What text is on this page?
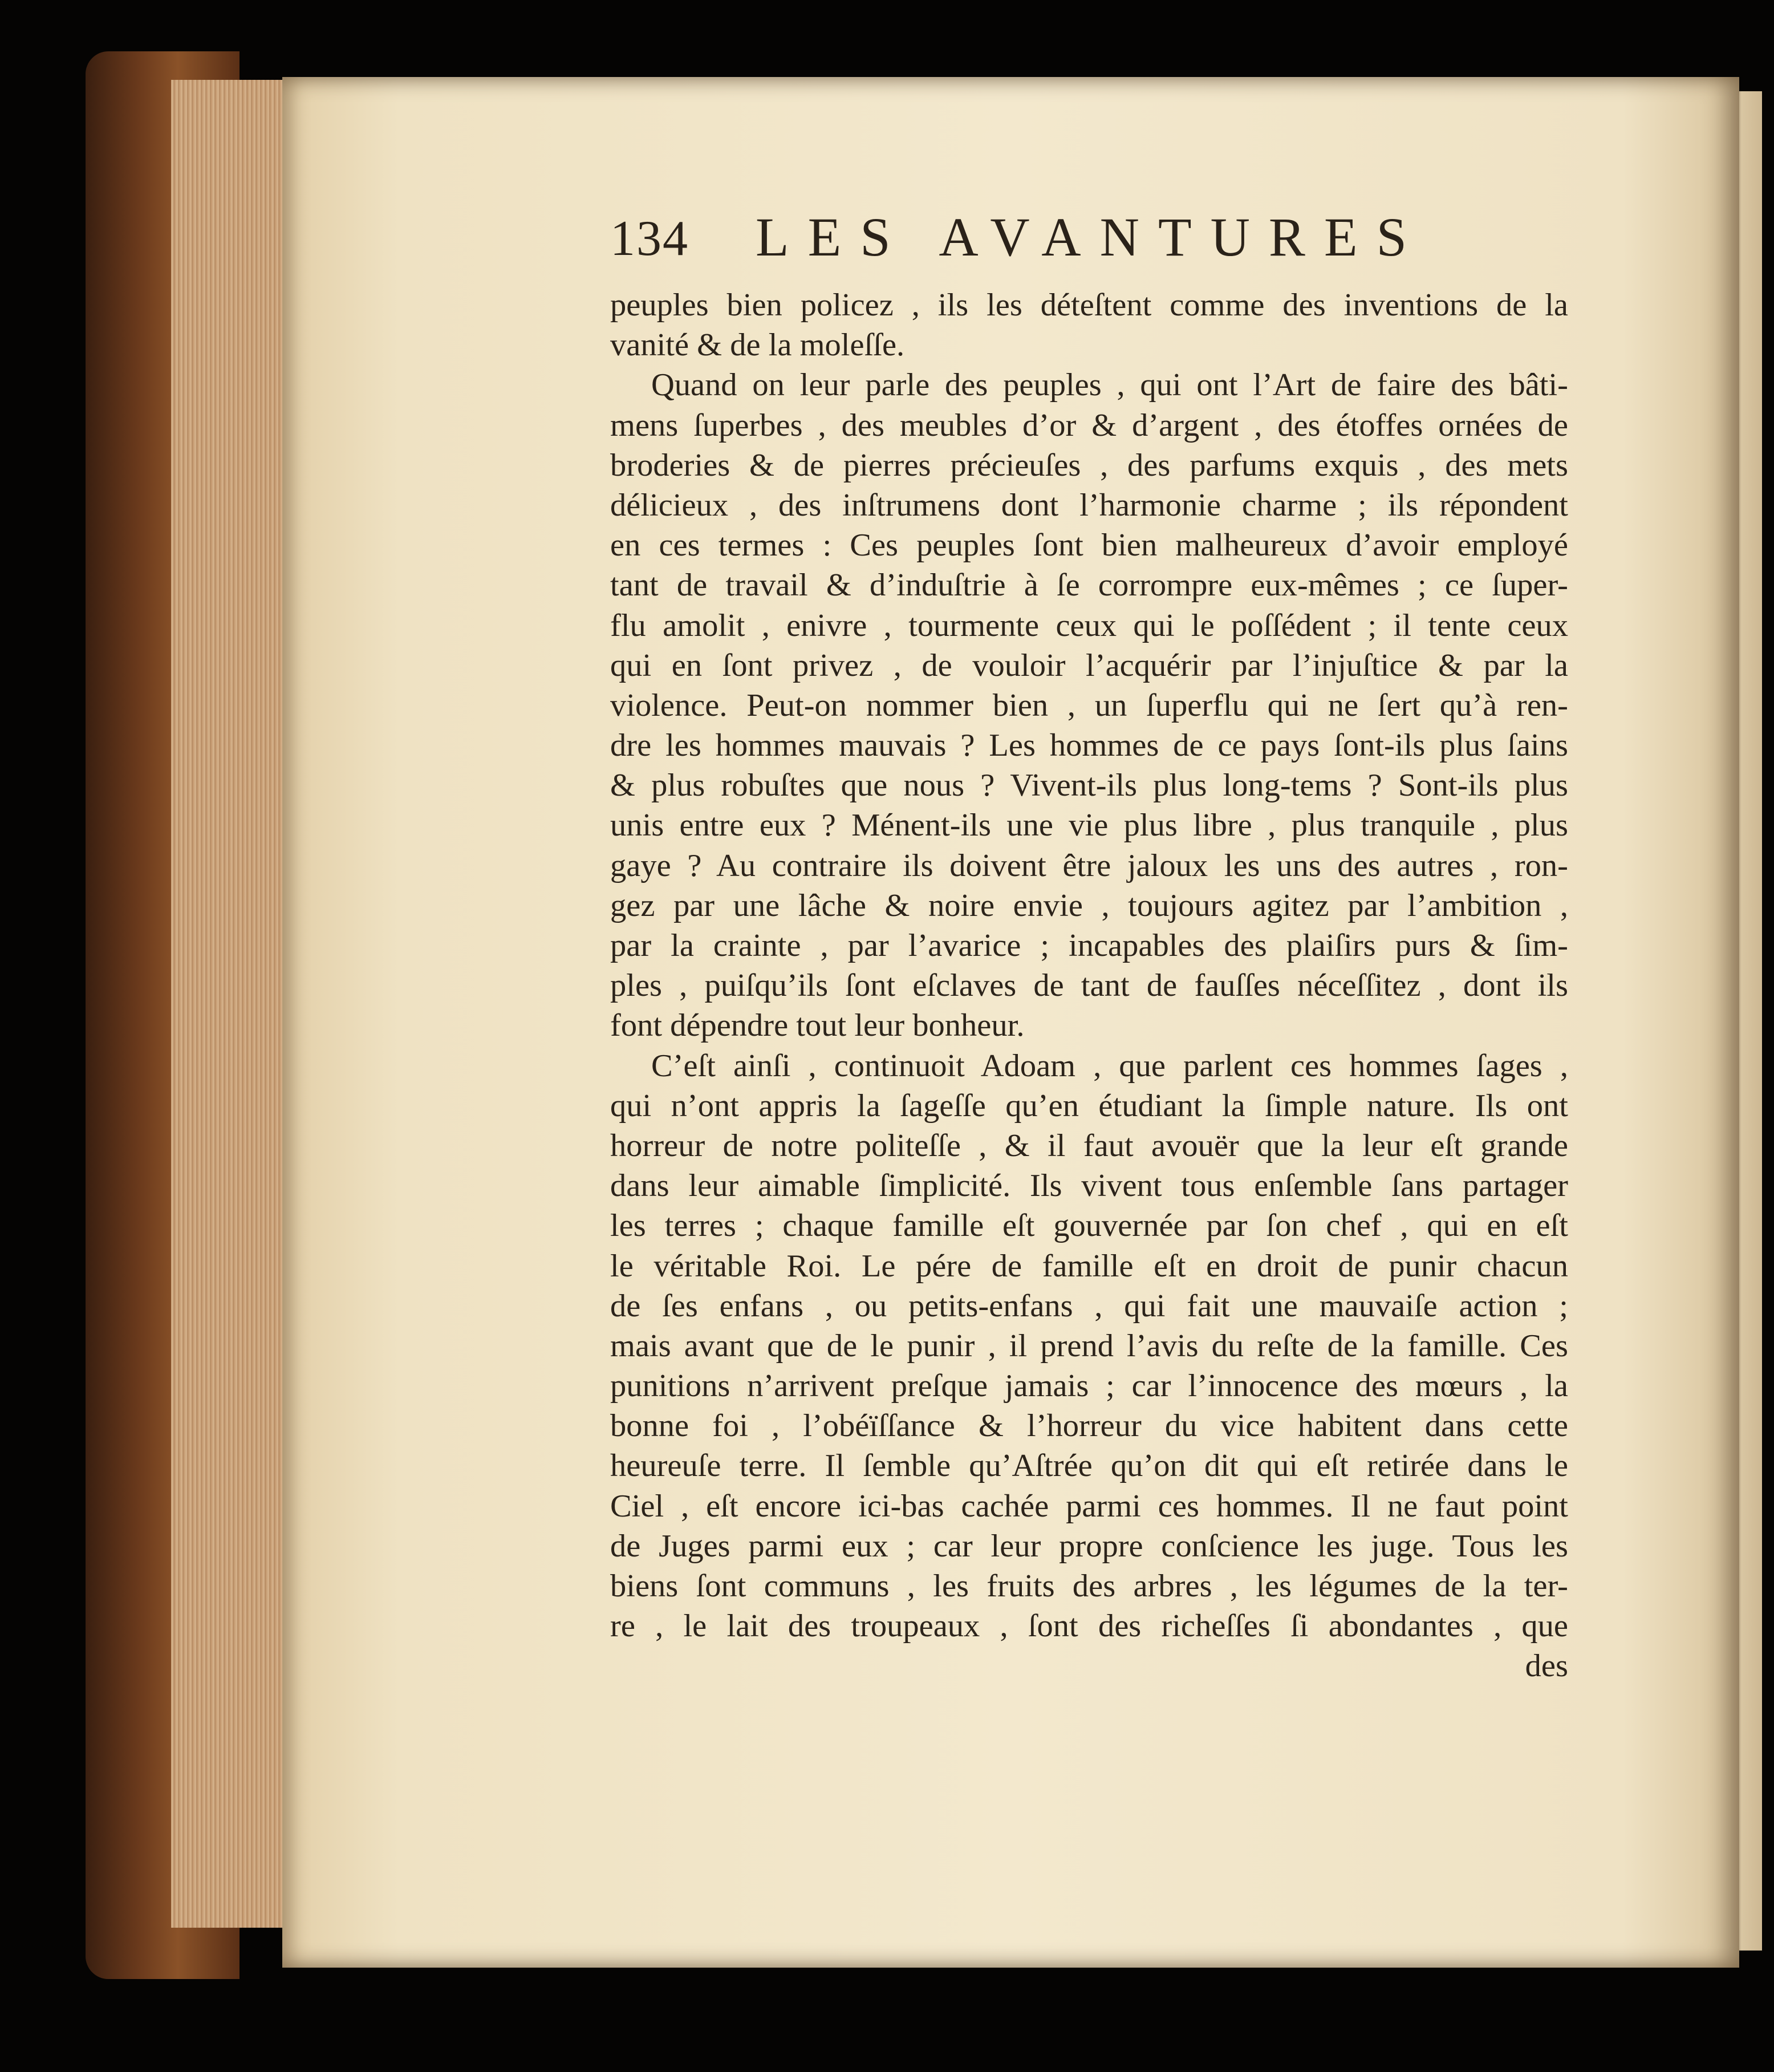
134 LES AVANTURES
peuples bien policez , ils les déteſtent comme des inventions de la
vanité & de la moleſſe.
Quand on leur parle des peuples , qui ont l’Art de faire des bâti-
mens ſuperbes , des meubles d’or & d’argent , des étoffes ornées de
broderies & de pierres précieuſes , des parfums exquis , des mets
délicieux , des inſtrumens dont l’harmonie charme ; ils répondent
en ces termes : Ces peuples ſont bien malheureux d’avoir employé
tant de travail & d’induſtrie à ſe corrompre eux-mêmes ; ce ſuper-
flu amolit , enivre , tourmente ceux qui le poſſédent ; il tente ceux
qui en ſont privez , de vouloir l’acquérir par l’injuſtice & par la
violence. Peut-on nommer bien , un ſuperflu qui ne ſert qu’à ren-
dre les hommes mauvais ? Les hommes de ce pays ſont-ils plus ſains
& plus robuſtes que nous ? Vivent-ils plus long-tems ? Sont-ils plus
unis entre eux ? Ménent-ils une vie plus libre , plus tranquile , plus
gaye ? Au contraire ils doivent être jaloux les uns des autres , ron-
gez par une lâche & noire envie , toujours agitez par l’ambition ,
par la crainte , par l’avarice ; incapables des plaiſirs purs & ſim-
ples , puiſqu’ils ſont eſclaves de tant de fauſſes néceſſitez , dont ils
font dépendre tout leur bonheur.
C’eſt ainſi , continuoit Adoam , que parlent ces hommes ſages ,
qui n’ont appris la ſageſſe qu’en étudiant la ſimple nature. Ils ont
horreur de notre politeſſe , & il faut avouër que la leur eſt grande
dans leur aimable ſimplicité. Ils vivent tous enſemble ſans partager
les terres ; chaque famille eſt gouvernée par ſon chef , qui en eſt
le véritable Roi. Le pére de famille eſt en droit de punir chacun
de ſes enfans , ou petits-enfans , qui fait une mauvaiſe action ;
mais avant que de le punir , il prend l’avis du reſte de la famille. Ces
punitions n’arrivent preſque jamais ; car l’innocence des mœurs , la
bonne foi , l’obéïſſance & l’horreur du vice habitent dans cette
heureuſe terre. Il ſemble qu’Aſtrée qu’on dit qui eſt retirée dans le
Ciel , eſt encore ici-bas cachée parmi ces hommes. Il ne faut point
de Juges parmi eux ; car leur propre conſcience les juge. Tous les
biens ſont communs , les fruits des arbres , les légumes de la ter-
re , le lait des troupeaux , ſont des richeſſes ſi abondantes , que
des
